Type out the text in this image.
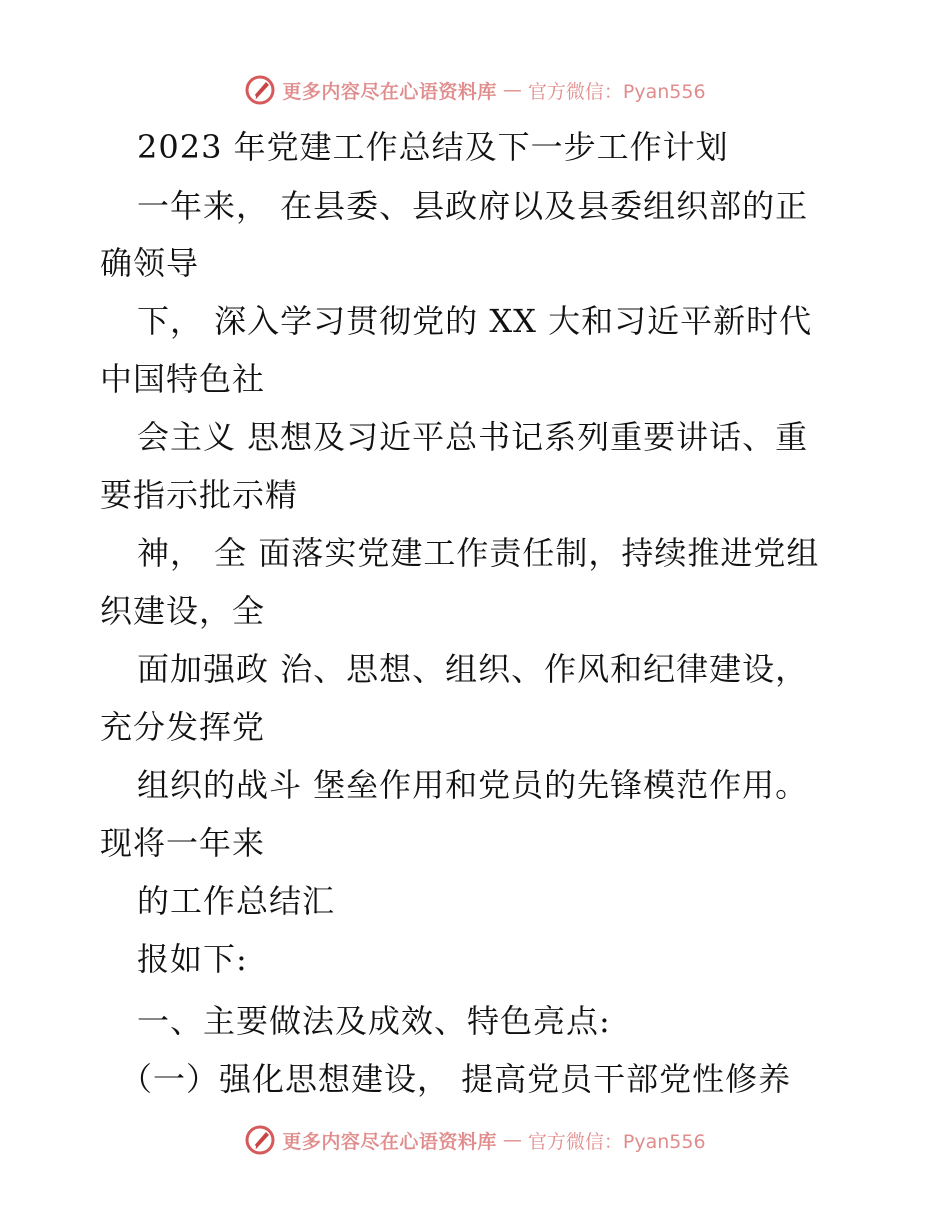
更多内容尽在心语资料库 — 官方微信：Pyan556
2023 年党建工作总结及下一步工作计划
一年来， 在县委、县政府以及县委组织部的正
确领导
下， 深入学习贯彻党的 XX 大和习近平新时代
中国特色社
会主义 思想及习近平总书记系列重要讲话、重
要指示批示精
神， 全 面落实党建工作责任制，持续推进党组
织建设，全
面加强政 治、思想、组织、作风和纪律建设，
充分发挥党
组织的战斗 堡垒作用和党员的先锋模范作用。
现将一年来
的工作总结汇
报如下:
一、主要做法及成效、特色亮点:
（一）强化思想建设， 提高党员干部党性修养
更多内容尽在心语资料库 — 官方微信：Pyan556
